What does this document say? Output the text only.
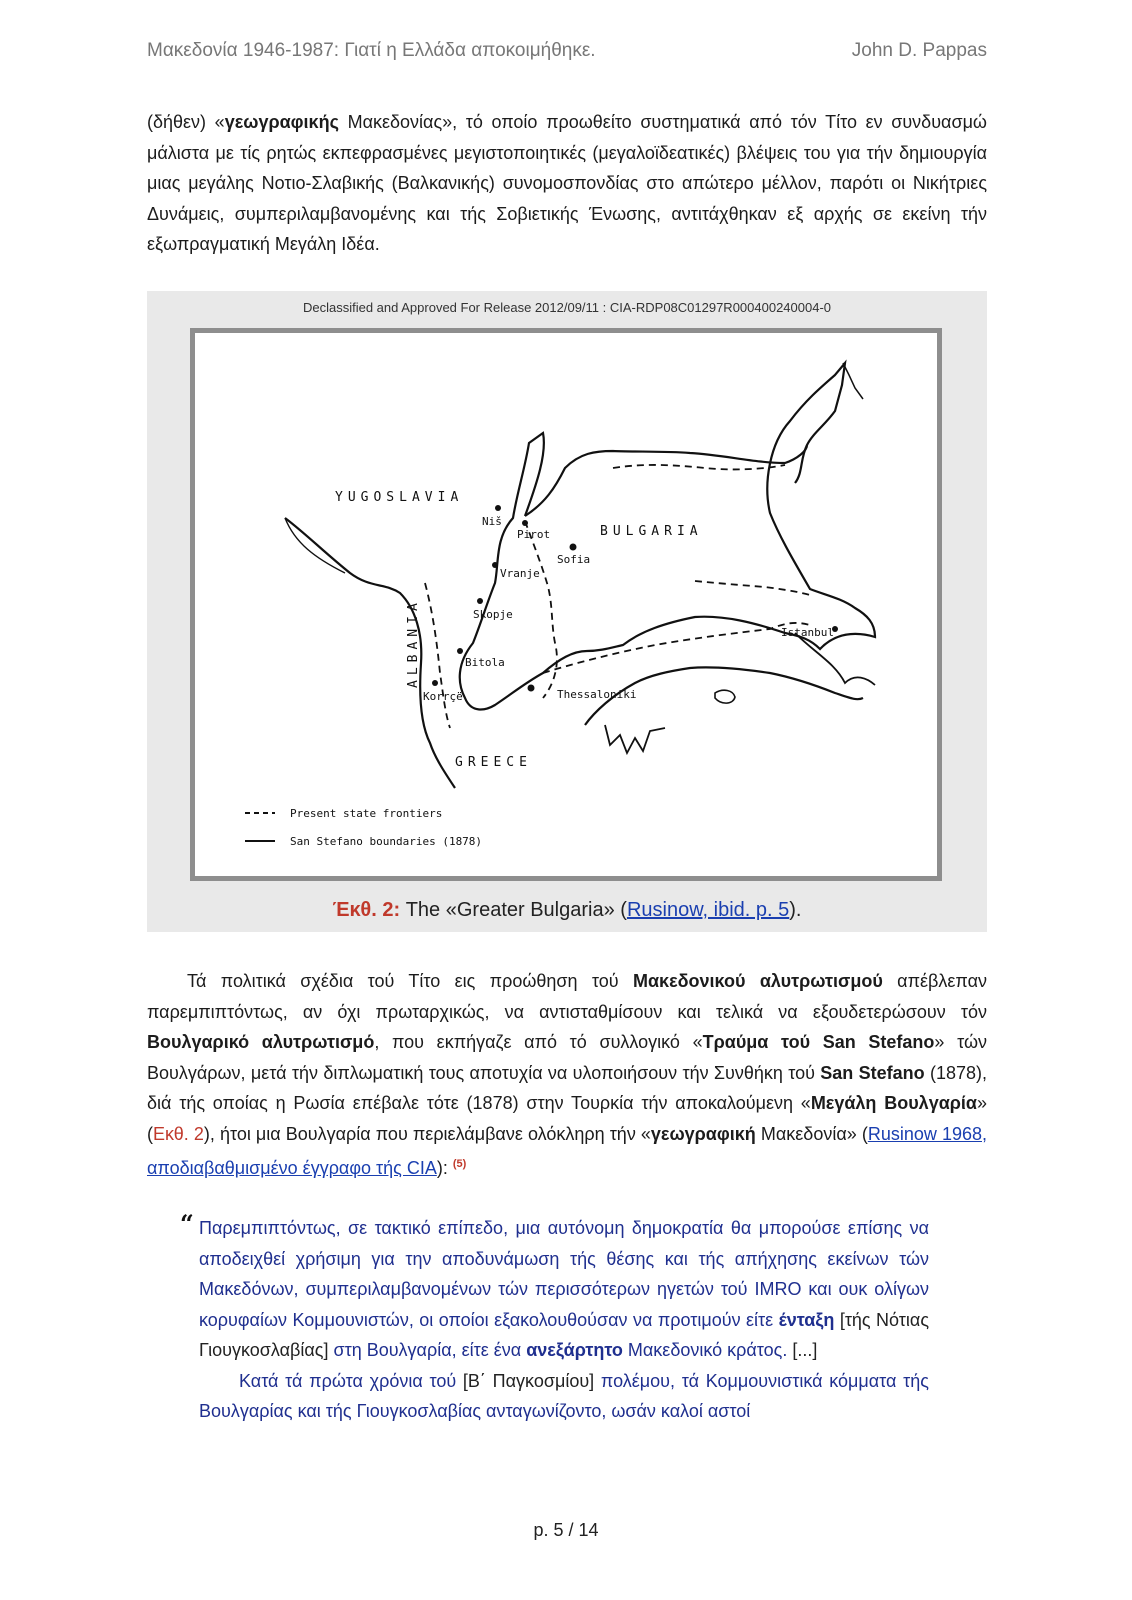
Μακεδονία 1946-1987: Γιατί η Ελλάδα αποκοιμήθηκε.	John D. Pappas
(δήθεν) «γεωγραφικής Μακεδονίας», τό οποίο προωθείτο συστηματικά από τόν Τίτο εν συνδυασμώ μάλιστα με τίς ρητώς εκπεφρασμένες μεγιστοποιητικές (μεγαλοϊδεατικές) βλέψεις του για τήν δημιουργία μιας μεγάλης Νοτιο-Σλαβικής (Βαλκανικής) συνομοσπονδίας στο απώτερο μέλλον, παρότι οι Νικήτριες Δυνάμεις, συμπεριλαμβανομένης και τής Σοβιετικής Ένωσης, αντιτάχθηκαν εξ αρχής σε εκείνη τήν εξωπραγματική Μεγάλη Ιδέα.
Declassified and Approved For Release 2012/09/11 : CIA-RDP08C01297R000400240004-0
YUGOSLAVIA
BULGARIA
ALBANIA
GREECE
Niš
Pirot
Sofia
Vranje
Skopje
Bitola
Korrçë	Thessaloniki
Istanbul
Present state frontiers
San Stefano boundaries (1878)
Έκθ. 2: The «Greater Bulgaria» (Rusinow, ibid. p. 5).
Τά πολιτικά σχέδια τού Τίτο εις προώθηση τού Μακεδονικού αλυτρωτισμού απέβλεπαν παρεμπιπτόντως, αν όχι πρωταρχικώς, να αντισταθμίσουν και τελικά να εξουδετερώσουν τόν Βουλγαρικό αλυτρωτισμό, που εκπήγαζε από τό συλλογικό «Τραύμα τού San Stefano» τών Βουλγάρων, μετά τήν διπλωματική τους αποτυχία να υλοποιήσουν τήν Συνθήκη τού San Stefano (1878), διά τής οποίας η Ρωσία επέβαλε τότε (1878) στην Τουρκία τήν αποκαλούμενη «Μεγάλη Βουλγαρία» (Εκθ. 2), ήτοι μια Βουλγαρία που περιελάμβανε ολόκληρη τήν «γεωγραφική Μακεδονία» (Rusinow 1968, αποδιαβαθμισμένο έγγραφο τής CIA): $^{(5)}$
“ Παρεμπιπτόντως, σε τακτικό επίπεδο, μια αυτόνομη δημοκρατία θα μπορούσε επίσης να αποδειχθεί χρήσιμη για την αποδυνάμωση τής θέσης και τής απήχησης εκείνων τών Μακεδόνων, συμπεριλαμβανομένων τών περισσότερων ηγετών τού IMRO και ουκ ολίγων κορυφαίων Κομμουνιστών, οι οποίοι εξακολουθούσαν να προτιμούν είτε ένταξη [τής Νότιας Γιουγκοσλαβίας] στη Βουλγαρία, είτε ένα ανεξάρτητο Μακεδονικό κράτος. [...]
Κατά τά πρώτα χρόνια τού [Β΄ Παγκοσμίου] πολέμου, τά Κομμουνιστικά κόμματα τής Βουλγαρίας και τής Γιουγκοσλαβίας ανταγωνίζοντο, ωσάν καλοί αστοί
p. 5 / 14
